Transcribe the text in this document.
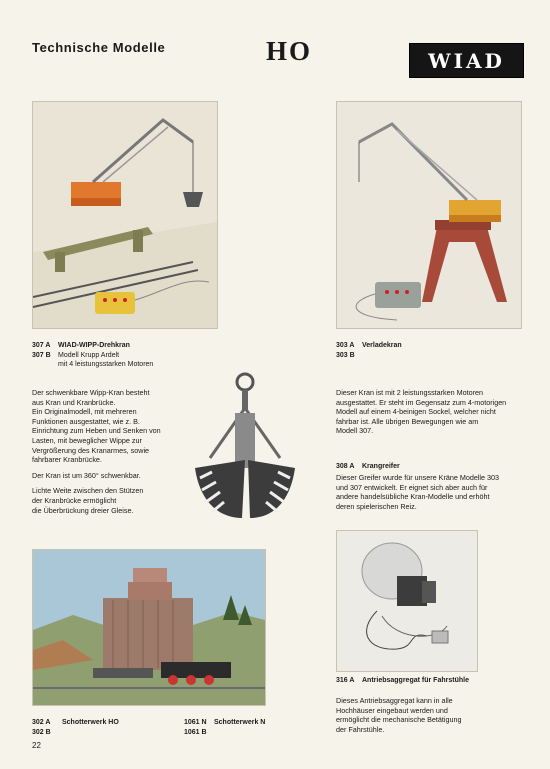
Technische Modelle	HO	WIAD
307 A	WIAD-WIPP-Drehkran
307 B	Modell Krupp Ardelt
mit 4 leistungsstarken Motoren
303 A	Verladekran
303 B
Der schwenkbare Wipp-Kran besteht
aus Kran und Kranbrücke.
Ein Originalmodell, mit mehreren
Funktionen ausgestattet, wie z. B.
Einrichtung zum Heben und Senken von
Lasten, mit beweglicher Wippe zur
Vergrößerung des Kranarmes, sowie
fahrbarer Kranbrücke.
Der Kran ist um 360° schwenkbar.
Lichte Weite zwischen den Stützen
der Kranbrücke ermöglicht
die Überbrückung dreier Gleise.
Dieser Kran ist mit 2 leistungsstarken Motoren
ausgestattet. Er steht im Gegensatz zum 4-motorigen
Modell auf einem 4-beinigen Sockel, welcher nicht
fahrbar ist. Alle übrigen Bewegungen wie am
Modell 307.
308 A	Krangreifer
Dieser Greifer wurde für unsere Kräne Modelle 303
und 307 entwickelt. Er eignet sich aber auch für
andere handelsübliche Kran-Modelle und erhöht
deren spielerischen Reiz.
302 A	Schotterwerk HO
302 B
1061 N	Schotterwerk N
1061 B
316 A	Antriebsaggregat für Fahrstühle
Dieses Antriebsaggregat kann in alle
Hochhäuser eingebaut werden und
ermöglicht die mechanische Betätigung
der Fahrstühle.
22
